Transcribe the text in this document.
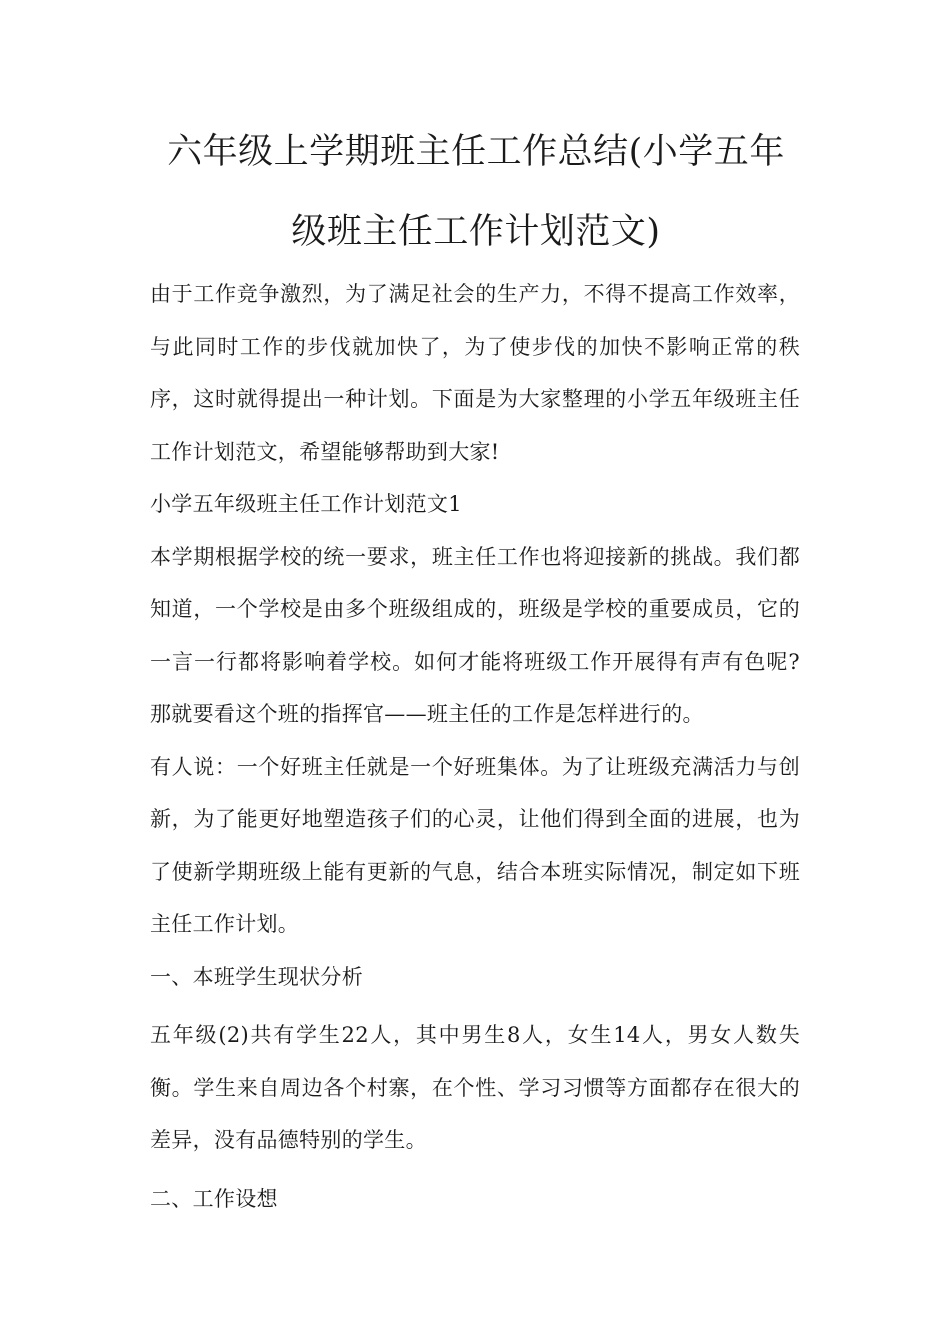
六年级上学期班主任工作总结(小学五年级班主任工作计划范文)

由于工作竞争激烈，为了满足社会的生产力，不得不提高工作效率，与此同时工作的步伐就加快了，为了使步伐的加快不影响正常的秩序，这时就得提出一种计划。下面是为大家整理的小学五年级班主任工作计划范文，希望能够帮助到大家!

小学五年级班主任工作计划范文1

本学期根据学校的统一要求，班主任工作也将迎接新的挑战。我们都知道，一个学校是由多个班级组成的，班级是学校的重要成员，它的一言一行都将影响着学校。如何才能将班级工作开展得有声有色呢?那就要看这个班的指挥官——班主任的工作是怎样进行的。

有人说：一个好班主任就是一个好班集体。为了让班级充满活力与创新，为了能更好地塑造孩子们的心灵，让他们得到全面的进展，也为了使新学期班级上能有更新的气息，结合本班实际情况，制定如下班主任工作计划。

一、本班学生现状分析

五年级(2)共有学生22人，其中男生8人，女生14人，男女人数失衡。学生来自周边各个村寨，在个性、学习习惯等方面都存在很大的差异，没有品德特别的学生。

二、工作设想
